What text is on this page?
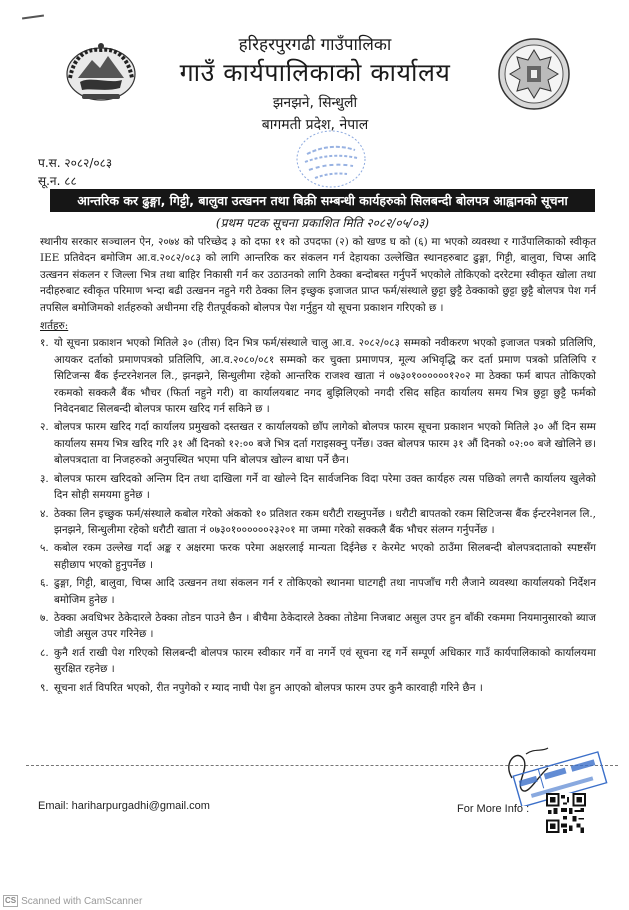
हरिहरपुरगढी गाउँपालिका
गाउँ कार्यपालिकाको कार्यालय
झनझने, सिन्धुली
बागमती प्रदेश, नेपाल
प.स. २०८२/०८३
सू.न. ८८
आन्तरिक कर ढुङ्गा, गिट्टी, बालुवा उत्खनन तथा बिक्री सम्बन्धी कार्यहरुको सिलबन्दी बोलपत्र आह्वानको सूचना
(प्रथम पटक सूचना प्रकाशित मिति २०८२/०५/०३)

स्थानीय सरकार सञ्चालन ऐन, २०७४ को परिच्छेद ३ को दफा ११ को उपदफा (२) को खण्ड घ को (६) मा भएको व्यवस्था र गाउँपालिकाको स्वीकृत IEE प्रतिवेदन बमोजिम आ.व.२०८२/०८३ को लागि आन्तरिक कर संकलन गर्न देहायका उल्लेखित स्थानहरुबाट ढुङ्गा, गिट्टी, बालुवा, चिप्स आदि उत्खनन संकलन र जिल्ला भित्र तथा बाहिर निकासी गर्न कर उठाउनको लागि ठेक्का बन्दोबस्त गर्नुपर्ने भएकोले तोकिएको दररेटमा स्वीकृत खोला तथा नदीहरुबाट स्वीकृत परिमाण भन्दा बढी उत्खनन नहुने गरी ठेक्का लिन इच्छुक इजाजत प्राप्त फर्म/संस्थाले छुट्टा छुट्टै ठेक्काको छुट्टा छुट्टै बोलपत्र पेश गर्न तपसिल बमोजिमको शर्तहरुको अधीनमा रहि रीतपूर्वकको बोलपत्र पेश गर्नुहुन यो सूचना प्रकाशन गरिएको छ ।

शर्तहरु:
१. यो सूचना प्रकाशन भएको मितिले ३० (तीस) दिन भित्र फर्म/संस्थाले चालु आ.व. २०८२/०८३ सम्मको नवीकरण भएको इजाजत पत्रको प्रतिलिपि, आयकर दर्ताको प्रमाणपत्रको प्रतिलिपि, आ.व.२०८०/०८१ सम्मको कर चुक्ता प्रमाणपत्र, मूल्य अभिवृद्धि कर दर्ता प्रमाण पत्रको प्रतिलिपि र सिटिजन्स बैंक ईन्टरनेशनल लि., झनझने, सिन्धुलीमा रहेको आन्तरिक राजश्व खाता नं ०७३०१००००००१२०२ मा ठेक्का फर्म बापत तोकिएको रकमको सक्कलै बैंक भौचर (फिर्ता नहुने गरी) वा कार्यालयबाट नगद बुझिलिएको नगदी रसिद सहित कार्यालय समय भित्र छुट्टा छुट्टै फर्मको निवेदनबाट सिलबन्दी बोलपत्र फारम खरिद गर्न सकिने छ ।
२. बोलपत्र फारम खरिद गर्दा कार्यालय प्रमुखको दस्तखत र कार्यालयको छाँप लागेको बोलपत्र फारम सूचना प्रकाशन भएको मितिले ३० औं दिन सम्म कार्यालय समय भित्र खरिद गरि ३१ औं दिनको १२:०० बजे भित्र दर्ता गराइसक्नु पर्नेछ। उक्त बोलपत्र फारम ३१ औं दिनको ०२:०० बजे खोलिने छ। बोलपत्रदाता वा निजहरुको अनुपस्थित भएमा पनि बोलपत्र खोल्न बाधा पर्ने छैन।
३. बोलपत्र फारम खरिदको अन्तिम दिन तथा दाखिला गर्ने वा खोल्ने दिन सार्वजनिक विदा परेमा उक्त कार्यहरु त्यस पछिको लगत्तै कार्यालय खुलेको दिन सोही समयमा हुनेछ ।
४. ठेक्का लिन इच्छुक फर्म/संस्थाले कबोल गरेको अंकको १० प्रतिशत रकम धरौटी राख्नुपर्नेछ । धरौटी बापतको रकम सिटिजन्स बैंक ईन्टरनेशनल लि., झनझने, सिन्धुलीमा रहेको धरौटी खाता नं ०७३०१००००००२३२०१ मा जम्मा गरेको सक्कलै बैंक भौचर संलग्न गर्नुपर्नेछ ।
५. कबोल रकम उल्लेख गर्दा अङ्क र अक्षरमा फरक परेमा अक्षरलाई मान्यता दिईनेछ र केरमेट भएको ठाउँमा सिलबन्दी बोलपत्रदाताको स्पष्टसँग सहीछाप भएको हुनुपर्नेछ ।
६. ढुङ्गा, गिट्टी, बालुवा, चिप्स आदि उत्खनन तथा संकलन गर्न र तोकिएको स्थानमा घाटगद्दी तथा नापजाँच गरी लैजाने व्यवस्था कार्यालयको निर्देशन बमोजिम हुनेछ ।
७. ठेक्का अवधिभर ठेकेदारले ठेक्का तोडन पाउने छैन । बीचैमा ठेकेदारले ठेक्का तोडेमा निजबाट असुल उपर हुन बाँकी रकममा नियमानुसारको ब्याज जोडी असुल उपर गरिनेछ ।
८. कुनै शर्त राखी पेश गरिएको सिलबन्दी बोलपत्र फारम स्वीकार गर्ने वा नगर्ने एवं सूचना रद्द गर्ने सम्पूर्ण अधिकार गाउँ कार्यपालिकाको कार्यालयमा सुरक्षित रहनेछ ।
९. सूचना शर्त विपरित भएको, रीत नपुगेको र म्याद नाघी पेश हुन आएको बोलपत्र फारम उपर कुनै कारवाही गरिने छैन ।
Email: hariharpurgadhi@gmail.com	For More Info :
CS Scanned with CamScanner
